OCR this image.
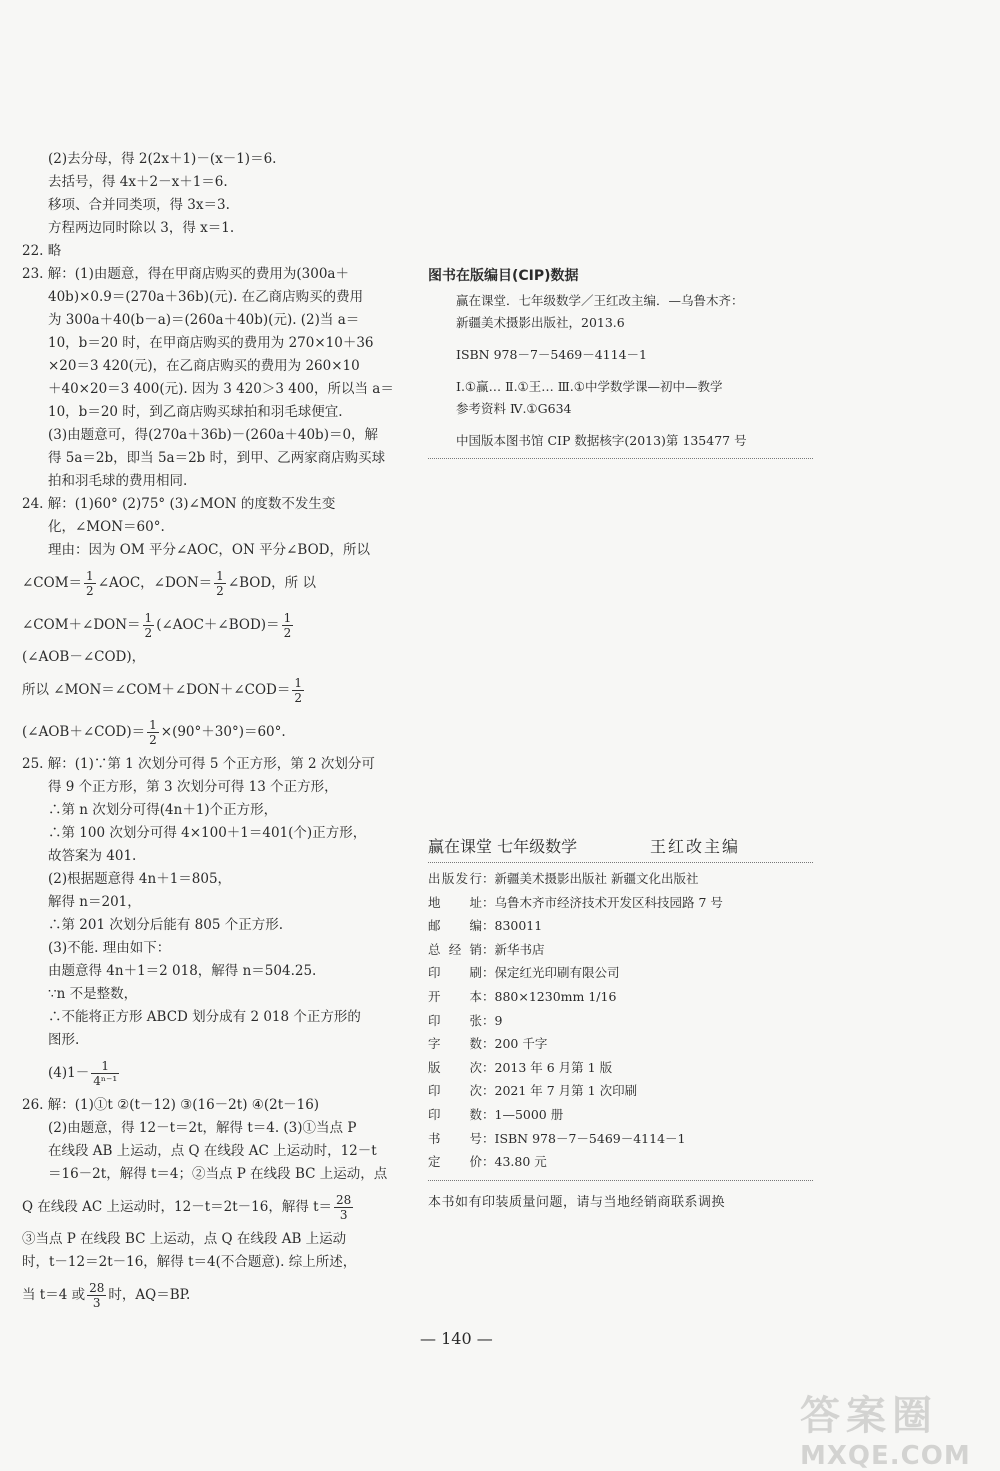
(2)去分母，得 2(2x＋1)－(x－1)＝6.
去括号，得 4x＋2－x＋1＝6.
移项、合并同类项，得 3x＝3.
方程两边同时除以 3，得 x＝1.
22. 略
23. 解：(1)由题意，得在甲商店购买的费用为(300a＋
40b)×0.9＝(270a＋36b)(元). 在乙商店购买的费用
为 300a＋40(b－a)＝(260a＋40b)(元). (2)当 a＝
10，b＝20 时，在甲商店购买的费用为 270×10＋36
×20＝3 420(元)，在乙商店购买的费用为 260×10
＋40×20＝3 400(元). 因为 3 420＞3 400，所以当 a＝
10，b＝20 时，到乙商店购买球拍和羽毛球便宜.
(3)由题意可，得(270a＋36b)－(260a＋40b)＝0，解
得 5a＝2b，即当 5a＝2b 时，到甲、乙两家商店购买球
拍和羽毛球的费用相同.
24. 解：(1)60° (2)75° (3)∠MON 的度数不发生变
化，∠MON＝60°.
理由：因为 OM 平分∠AOC，ON 平分∠BOD，所以
∠COM＝ $\frac{1}{2}$ ∠AOC，∠DON＝ $\frac{1}{2}$ ∠BOD，所 以
∠COM＋∠DON＝ $\frac{1}{2}$ (∠AOC＋∠BOD)＝ $\frac{1}{2}$
(∠AOB－∠COD)，
所以 ∠MON＝∠COM＋∠DON＋∠COD＝ $\frac{1}{2}$
(∠AOB＋∠COD)＝ $\frac{1}{2} \times(90^\circ+30^\circ)=60^\circ$.
25. 解：(1)∵第 1 次划分可得 5 个正方形，第 2 次划分可
得 9 个正方形，第 3 次划分可得 13 个正方形，
∴第 n 次划分可得(4n＋1)个正方形，
∴第 100 次划分可得 4×100＋1＝401(个)正方形，
故答案为 401.
(2)根据题意得 4n＋1＝805，
解得 n＝201，
∴第 201 次划分后能有 805 个正方形.
(3)不能. 理由如下：
由题意得 4n＋1＝2 018，解得 n＝504.25.
∵n 不是整数，
∴不能将正方形 ABCD 划分成有 2 018 个正方形的
图形.
$(4)1- \frac{1}{\text{4ⁿ⁻¹}}$
26. 解：(1)①t ②(t－12) ③(16－2t) ④(2t－16)
(2)由题意，得 12－t＝2t，解得 t＝4. (3)①当点 P
在线段 AB 上运动，点 Q 在线段 AC 上运动时，12－t
＝16－2t，解得 t＝4；②当点 P 在线段 BC 上运动，点
Q 在线段 AC 上运动时，12－t＝2t－16，解得 $t= \frac{28}{3}$
③当点 P 在线段 BC 上运动，点 Q 在线段 AB 上运动
时，t－12＝2t－16，解得 t＝4(不合题意). 综上所述，
当 t＝4 或 $\frac{28}{3}$ 时，AQ＝BP.
图书在版编目(CIP)数据
赢在课堂．七年级数学／王红改主编．—乌鲁木齐：
新疆美术摄影出版社，2013.6
ISBN 978－7－5469－4114－1
Ⅰ.①赢… Ⅱ.①王… Ⅲ.①中学数学课—初中—教学
参考资料 Ⅳ.①G634
中国版本图书馆 CIP 数据核字(2013)第 135477 号
赢在课堂 七年级数学	王红改主编
出版发行：新疆美术摄影出版社 新疆文化出版社
地 址：乌鲁木齐市经济技术开发区科技园路 7 号
邮 编：830011
总 经 销：新华书店
印 刷：保定红光印刷有限公司
开 本：880×1230mm 1/16
印 张：9
字 数：200 千字
版 次：2013 年 6 月第 1 版
印 次：2021 年 7 月第 1 次印刷
印 数：1—5000 册
书 号：ISBN 978－7－5469－4114－1
定 价：43.80 元
本书如有印装质量问题，请与当地经销商联系调换
— 140 —
答案圈
MXQE.COM
